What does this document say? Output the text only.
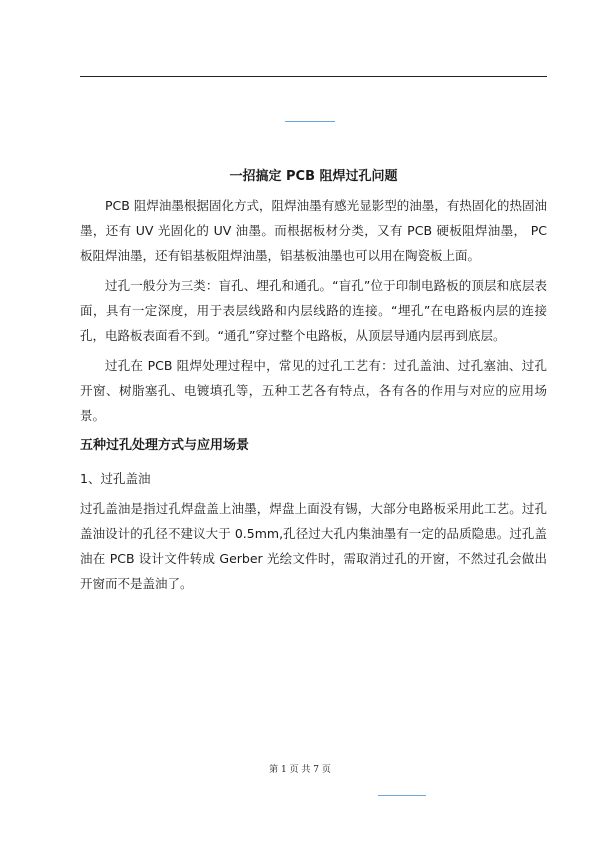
一招搞定 PCB 阻焊过孔问题

PCB 阻焊油墨根据固化方式，阻焊油墨有感光显影型的油墨，有热固化的热固油墨，还有 UV 光固化的 UV 油墨。而根据板材分类，又有 PCB 硬板阻焊油墨， PC 板阻焊油墨，还有铝基板阻焊油墨，铝基板油墨也可以用在陶瓷板上面。

过孔一般分为三类：盲孔、埋孔和通孔。“盲孔”位于印制电路板的顶层和底层表面，具有一定深度，用于表层线路和内层线路的连接。“埋孔”在电路板内层的连接孔，电路板表面看不到。“通孔”穿过整个电路板，从顶层导通内层再到底层。

过孔在 PCB 阻焊处理过程中，常见的过孔工艺有：过孔盖油、过孔塞油、过孔开窗、树脂塞孔、电镀填孔等，五种工艺各有特点，各有各的作用与对应的应用场景。

五种过孔处理方式与应用场景
1、过孔盖油

过孔盖油是指过孔焊盘盖上油墨，焊盘上面没有锡，大部分电路板采用此工艺。过孔盖油设计的孔径不建议大于 0.5mm,孔径过大孔内集油墨有一定的品质隐患。过孔盖油在 PCB 设计文件转成 Gerber 光绘文件时，需取消过孔的开窗，不然过孔会做出开窗而不是盖油了。

第 1 页 共 7 页
